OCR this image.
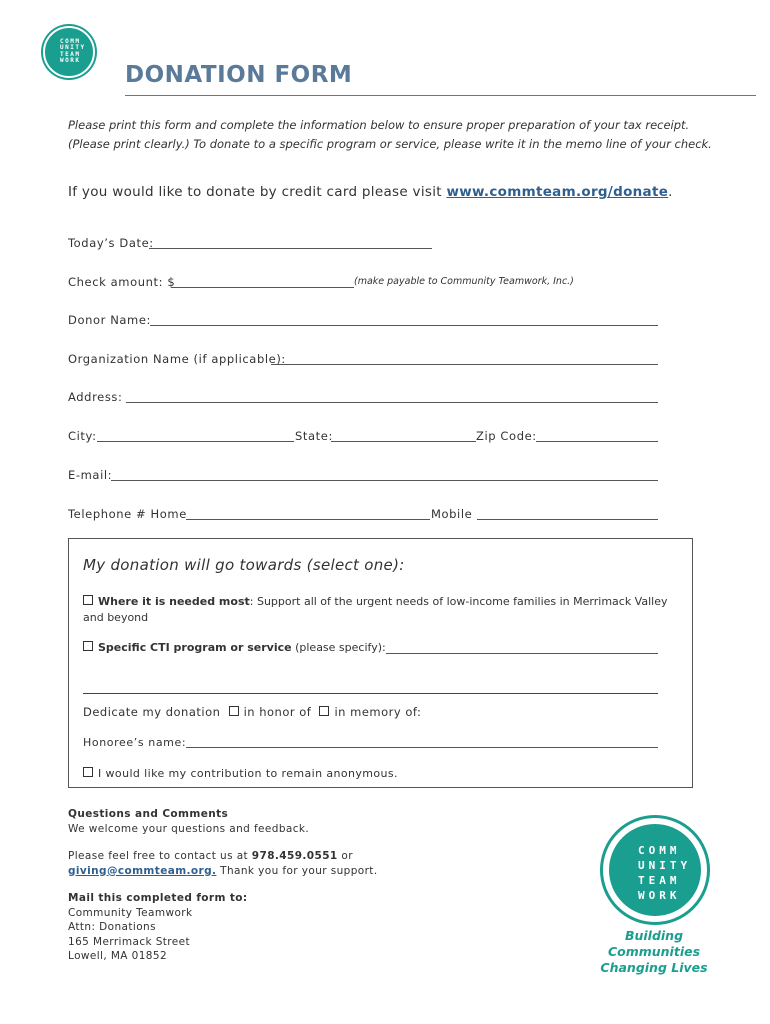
COMM
UNITY
TEAM
WORK
DONATION FORM
Please print this form and complete the information below to ensure proper preparation of your tax receipt. (Please print clearly.) To donate to a specific program or service, please write it in the memo line of your check.
If you would like to donate by credit card please visit www.commteam.org/donate.
Today’s Date:
Check amount: $	(make payable to Community Teamwork, Inc.)
Donor Name:
Organization Name (if applicable):
Address:
City:	State:	Zip Code:
E-mail:
Telephone # Home	Mobile
My donation will go towards (select one):
Where it is needed most: Support all of the urgent needs of low-income families in Merrimack Valley and beyond
Specific CTI program or service (please specify):
Dedicate my donation in honor of in memory of:
Honoree’s name:
I would like my contribution to remain anonymous.
Questions and Comments
We welcome your questions and feedback.
Please feel free to contact us at 978.459.0551 or
giving@commteam.org. Thank you for your support.
Mail this completed form to:
Community Teamwork
Attn: Donations
165 Merrimack Street
Lowell, MA 01852
COMM
UNITY
TEAM
WORK
Building Communities
Changing Lives
